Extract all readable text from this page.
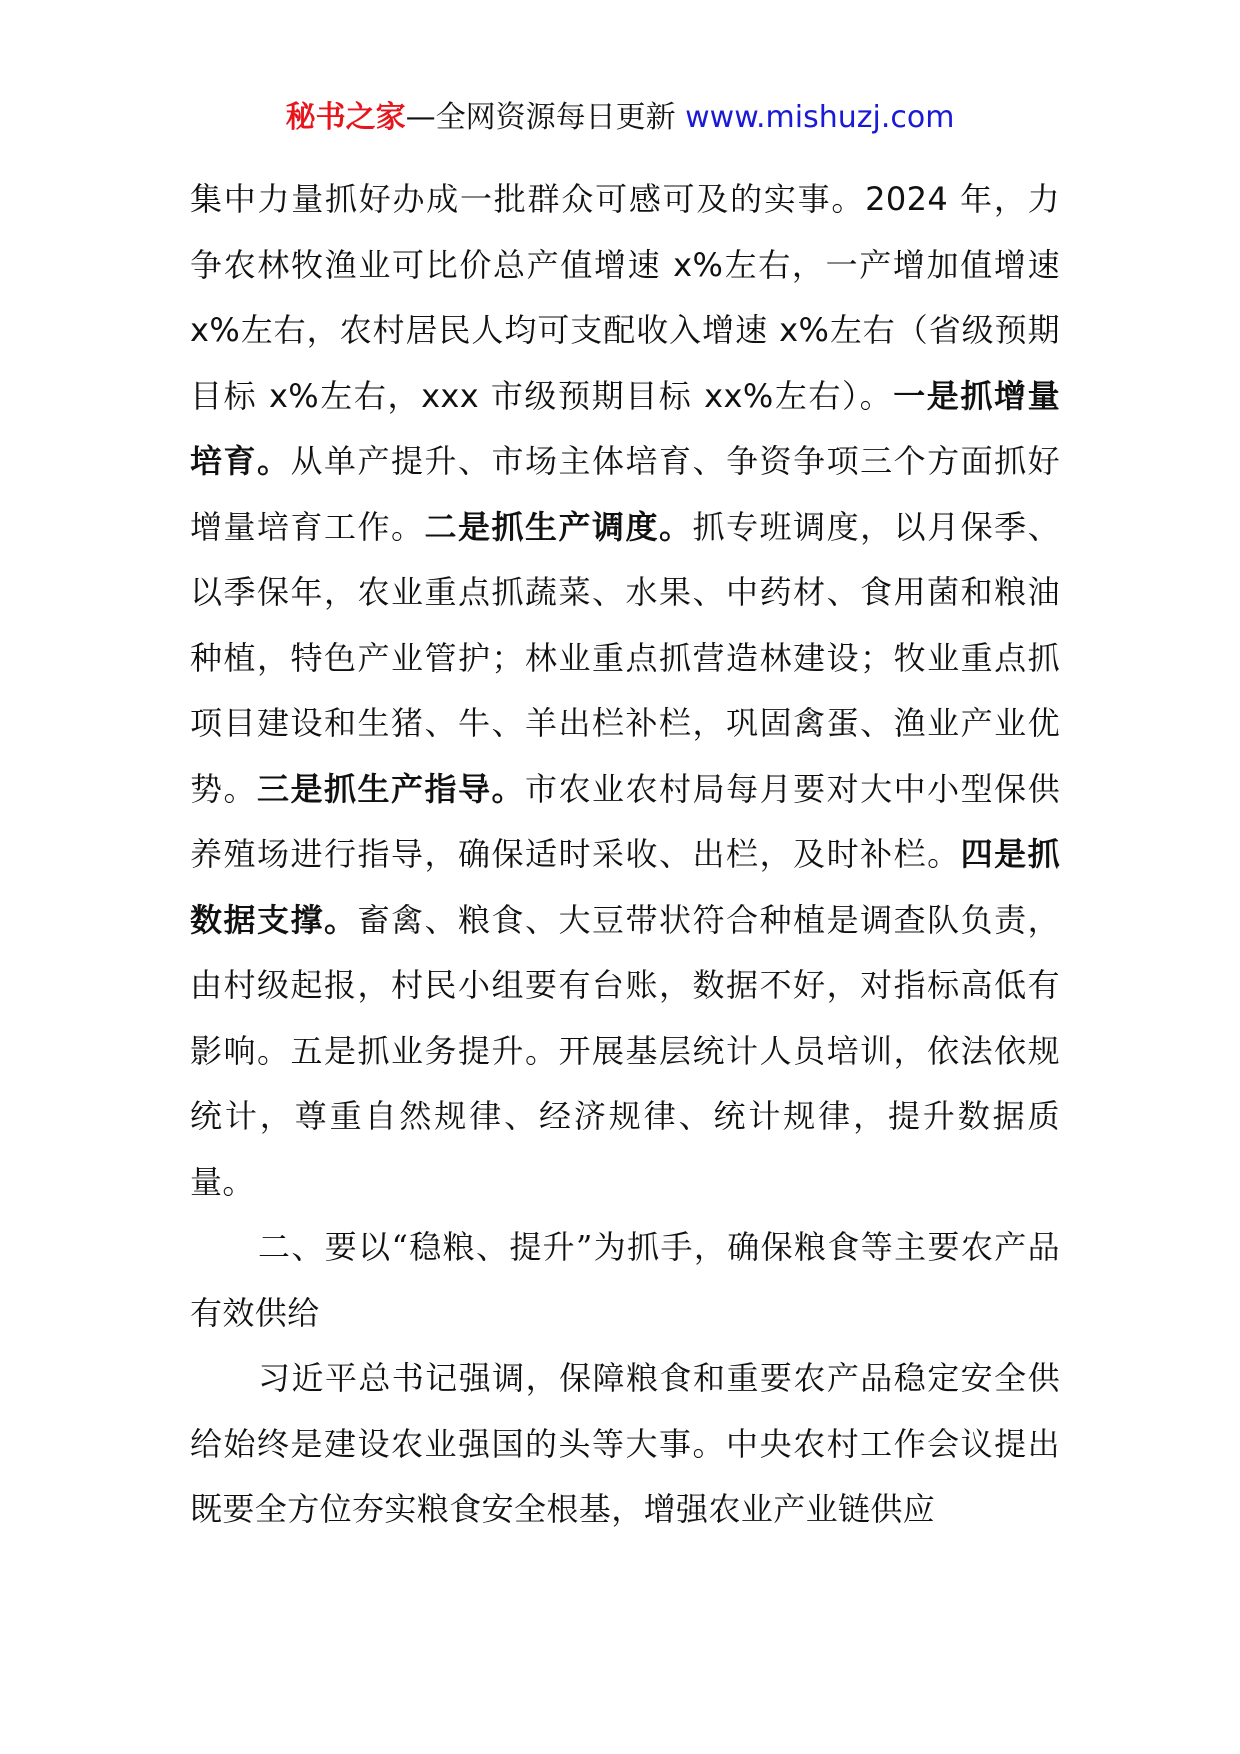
秘书之家—全网资源每日更新 www.mishuzj.com

集中力量抓好办成一批群众可感可及的实事。2024 年，力争农林牧渔业可比价总产值增速 x%左右，一产增加值增速 x%左右，农村居民人均可支配收入增速 x%左右（省级预期目标 x%左右，xxx 市级预期目标 xx%左右）。一是抓增量培育。从单产提升、市场主体培育、争资争项三个方面抓好增量培育工作。二是抓生产调度。抓专班调度，以月保季、以季保年，农业重点抓蔬菜、水果、中药材、食用菌和粮油种植，特色产业管护；林业重点抓营造林建设；牧业重点抓项目建设和生猪、牛、羊出栏补栏，巩固禽蛋、渔业产业优势。三是抓生产指导。市农业农村局每月要对大中小型保供养殖场进行指导，确保适时采收、出栏，及时补栏。四是抓数据支撑。畜禽、粮食、大豆带状符合种植是调查队负责，由村级起报，村民小组要有台账，数据不好，对指标高低有影响。五是抓业务提升。开展基层统计人员培训，依法依规统计，尊重自然规律、经济规律、统计规律，提升数据质量。

二、要以“稳粮、提升”为抓手，确保粮食等主要农产品有效供给

习近平总书记强调，保障粮食和重要农产品稳定安全供给始终是建设农业强国的头等大事。中央农村工作会议提出既要全方位夯实粮食安全根基，增强农业产业链供应
